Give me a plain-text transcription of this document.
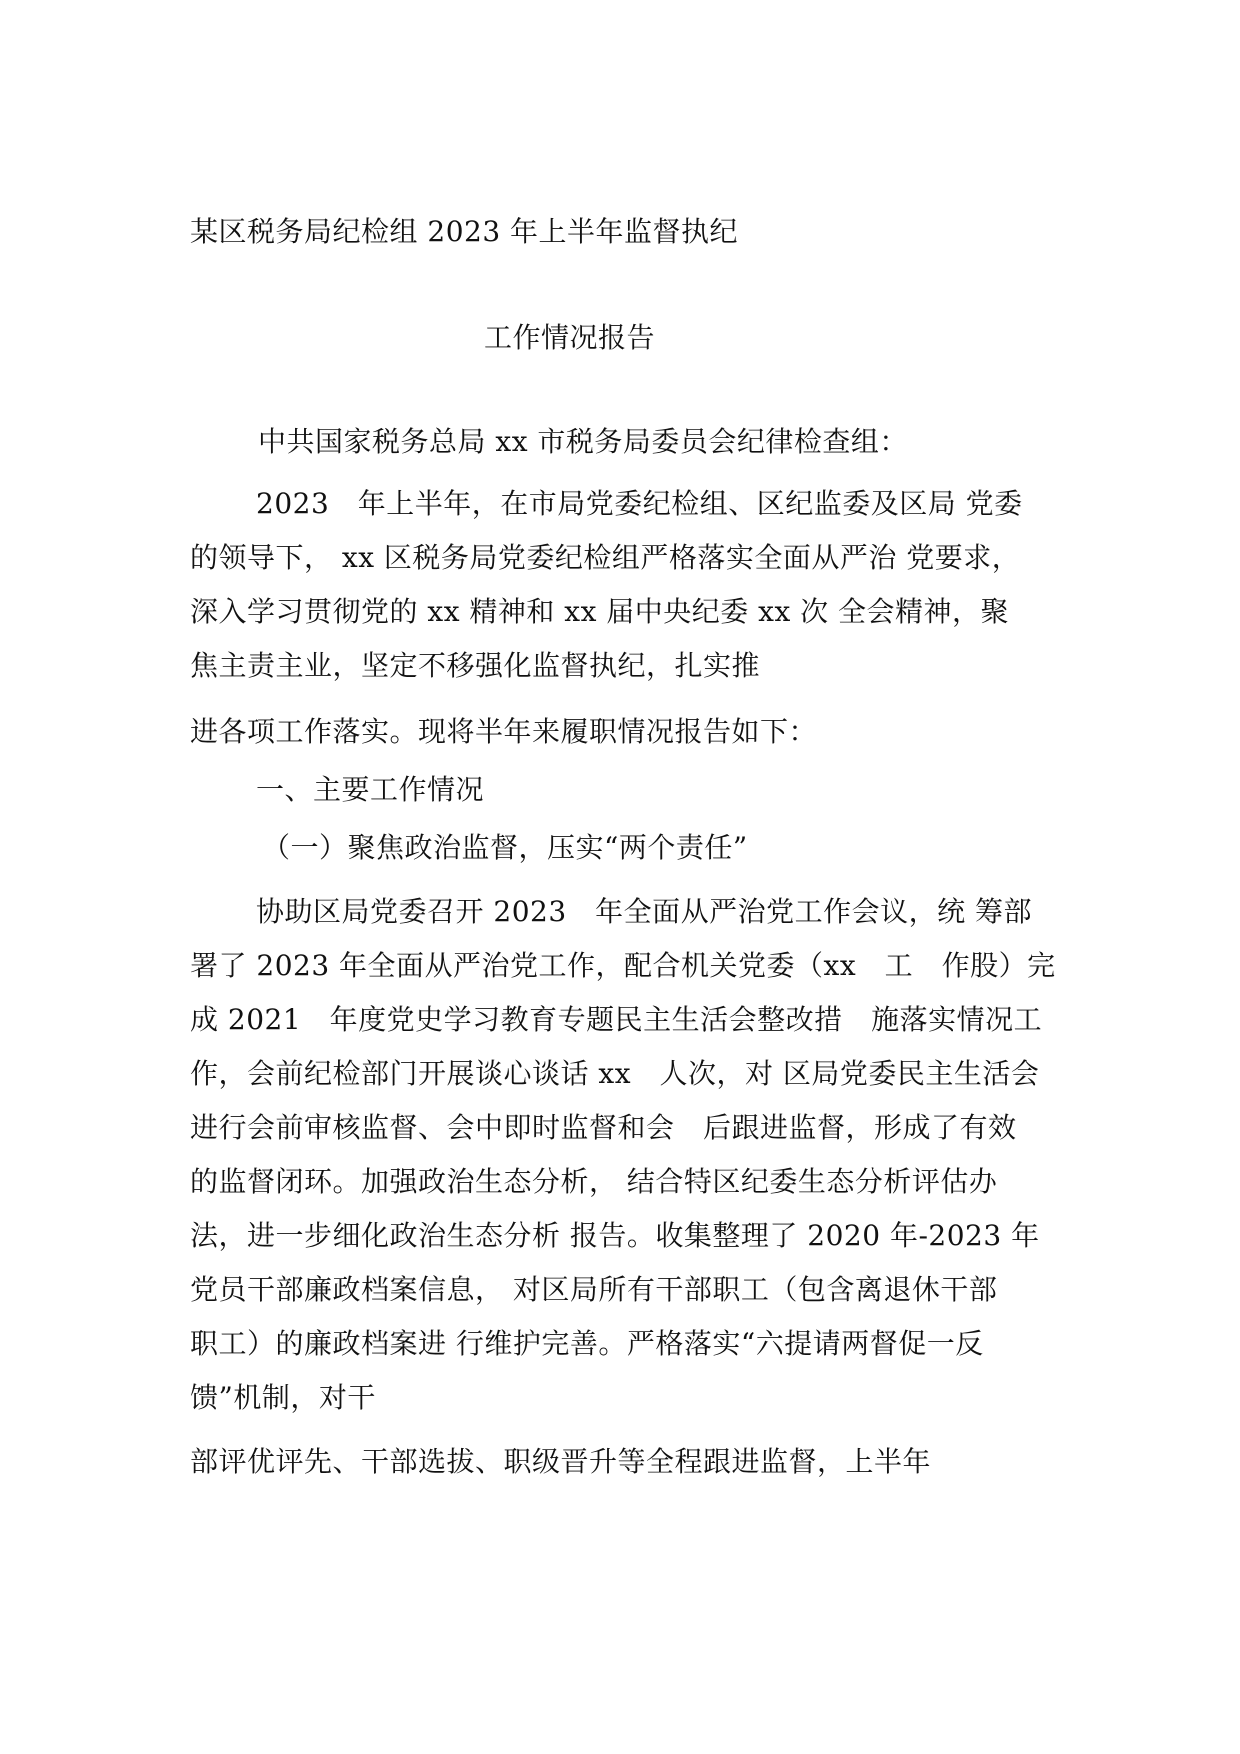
某区税务局纪检组 2023 年上半年监督执纪
工作情况报告
中共国家税务总局 xx 市税务局委员会纪律检查组：
2023　年上半年，在市局党委纪检组、区纪监委及区局 党委
的领导下， xx 区税务局党委纪检组严格落实全面从严治 党要求，
深入学习贯彻党的 xx 精神和 xx 届中央纪委 xx 次 全会精神，聚
焦主责主业，坚定不移强化监督执纪，扎实推
进各项工作落实。现将半年来履职情况报告如下：
一、主要工作情况
（一）聚焦政治监督，压实“两个责任”
协助区局党委召开 2023　年全面从严治党工作会议，统 筹部
署了 2023 年全面从严治党工作，配合机关党委（xx　工　作股）完
成 2021　年度党史学习教育专题民主生活会整改措　施落实情况工
作，会前纪检部门开展谈心谈话 xx　人次，对 区局党委民主生活会
进行会前审核监督、会中即时监督和会　后跟进监督，形成了有效
的监督闭环。加强政治生态分析， 结合特区纪委生态分析评估办
法，进一步细化政治生态分析 报告。收集整理了 2020 年-2023 年
党员干部廉政档案信息， 对区局所有干部职工（包含离退休干部
职工）的廉政档案进 行维护完善。严格落实“六提请两督促一反
馈”机制，对干
部评优评先、干部选拔、职级晋升等全程跟进监督，上半年
